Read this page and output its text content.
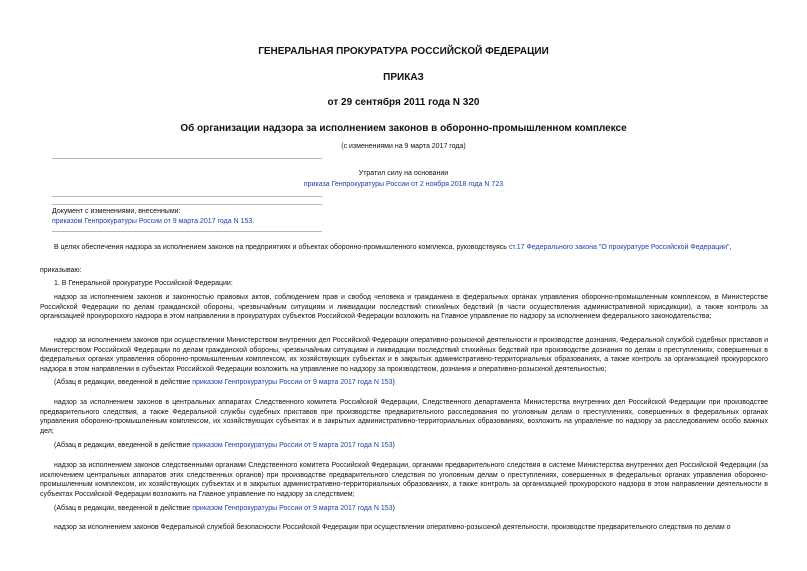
ГЕНЕРАЛЬНАЯ ПРОКУРАТУРА РОССИЙСКОЙ ФЕДЕРАЦИИ
ПРИКАЗ
от 29 сентября 2011 года N 320
Об организации надзора за исполнением законов в оборонно-промышленном комплексе
(с изменениями на 9 марта 2017 года)
Утратил силу на основании
приказа Генпрокуратуры России от 2 ноября 2018 года N 723
Документ с изменениями, внесенными:
приказом Генпрокуратуры России от 9 марта 2017 года N 153.
В целях обеспечения надзора за исполнением законов на предприятиях и объектах оборонно-промышленного комплекса, руководствуясь ст.17 Федерального закона "О прокуратуре Российской Федерации",
приказываю:
1. В Генеральной прокуратуре Российской Федерации:
надзор за исполнением законов и законностью правовых актов, соблюдением прав и свобод человека и гражданина в федеральных органах управления оборонно-промышленным комплексом, в Министерстве Российской Федерации по делам гражданской обороны, чрезвычайным ситуациям и ликвидации последствий стихийных бедствий (в части осуществления административной юрисдикции), а также контроль за организацией прокурорского надзора в этом направлении в прокуратурах субъектов Российской Федерации возложить на Главное управление по надзору за исполнением федерального законодательства;
надзор за исполнением законов при осуществлении Министерством внутренних дел Российской Федерации оперативно-розыскной деятельности и производстве дознания, Федеральной службой судебных приставов и Министерством Российской Федерации по делам гражданской обороны, чрезвычайным ситуациям и ликвидации последствий стихийных бедствий при производстве дознания по делам о преступлениях, совершенных в федеральных органах управления оборонно-промышленным комплексом, их хозяйствующих субъектах и в закрытых административно-территориальных образованиях, а также контроль за организацией прокурорского надзора в этом направлении в субъектах Российской Федерации возложить на управление по надзору за производством, дознания и оперативно-розыскной деятельностью;
(Абзац в редакции, введенной в действие приказом Генпрокуратуры России от 9 марта 2017 года N 153)
надзор за исполнением законов в центральных аппаратах Следственного комитета Российской Федерации, Следственного департамента Министерства внутренних дел Российской Федерации при производстве предварительного следствия, а также Федеральной службы судебных приставов при производстве предварительного расследования по уголовным делам о преступлениях, совершенных в федеральных органах управления оборонно-промышленным комплексом, их хозяйствующих субъектах и в закрытых административно-территориальных образованиях, возложить на управление по надзору за расследованием особо важных дел;
(Абзац в редакции, введенной в действие приказом Генпрокуратуры России от 9 марта 2017 года N 153)
надзор за исполнением законов следственными органами Следственного комитета Российской Федерации, органами предварительного следствия в системе Министерства внутренних дел Российской Федерации (за исключением центральных аппаратов этих следственных органов) при производстве предварительного следствия по уголовным делам о преступлениях, совершенных в федеральных органах управления оборонно-промышленным комплексом, их хозяйствующих субъектах и в закрытых административно-территориальных образованиях, а также контроль за организацией прокурорского надзора в этом направлении деятельности в субъектах Российской Федерации возложить на Главное управление по надзору за следствием;
(Абзац в редакции, введенной в действие приказом Генпрокуратуры России от 9 марта 2017 года N 153)
надзор за исполнением законов Федеральной службой безопасности Российской Федерации при осуществлении оперативно-розыскной деятельности, производстве предварительного следствия по делам о
